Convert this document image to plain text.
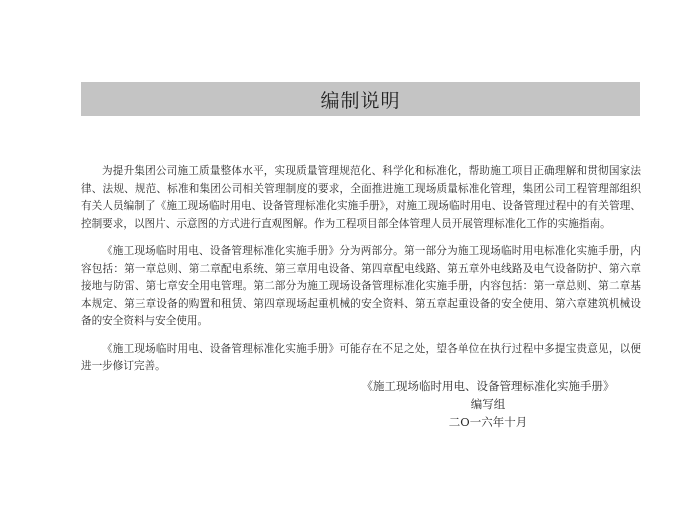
编制说明

为提升集团公司施工质量整体水平，实现质量管理规范化、科学化和标准化，帮助施工项目正确理解和贯彻国家法律、法规、规范、标准和集团公司相关管理制度的要求，全面推进施工现场质量标准化管理，集团公司工程管理部组织有关人员编制了《施工现场临时用电、设备管理标准化实施手册》，对施工现场临时用电、设备管理过程中的有关管理、控制要求，以图片、示意图的方式进行直观图解。作为工程项目部全体管理人员开展管理标准化工作的实施指南。

《施工现场临时用电、设备管理标准化实施手册》分为两部分。第一部分为施工现场临时用电标准化实施手册，内容包括：第一章总则、第二章配电系统、第三章用电设备、第四章配电线路、第五章外电线路及电气设备防护、第六章接地与防雷、第七章安全用电管理。第二部分为施工现场设备管理标准化实施手册，内容包括：第一章总则、第二章基本规定、第三章设备的购置和租赁、第四章现场起重机械的安全资料、第五章起重设备的安全使用、第六章建筑机械设备的安全资料与安全使用。

《施工现场临时用电、设备管理标准化实施手册》可能存在不足之处，望各单位在执行过程中多提宝贵意见，以便进一步修订完善。

《施工现场临时用电、设备管理标准化实施手册》
编写组
二О一六年十月
